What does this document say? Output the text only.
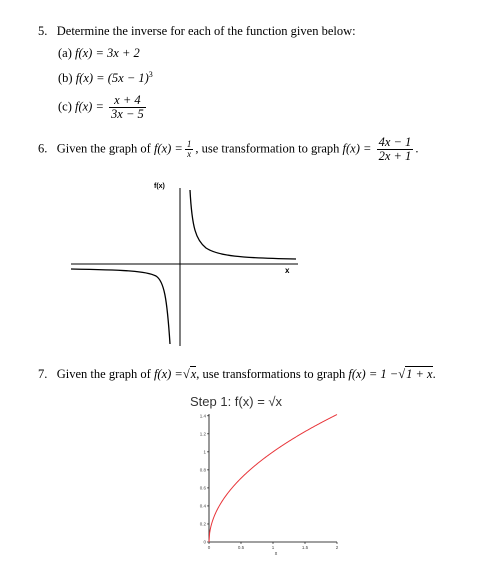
5. Determine the inverse for each of the function given below:
(a) f(x) = 3x + 2
(b) $f(x) = (5x - 1)^3$
(c) $f(x) = \frac{x + 4}{3x - 5}$
6. Given the graph of $f(x) = \frac{1}{x}$ , use transformation to graph $f(x) = \frac{4x - 1}{2x + 1}$ .
f(x)
x
7. Given the graph of f(x) =√x, use transformations to graph f(x) = 1 −√1 + x.
Step 1: f(x) = √x
0
0.2
0.4
0.6
0.8
1
1.2
1.4
0	0.5	1	1.5	2
x
